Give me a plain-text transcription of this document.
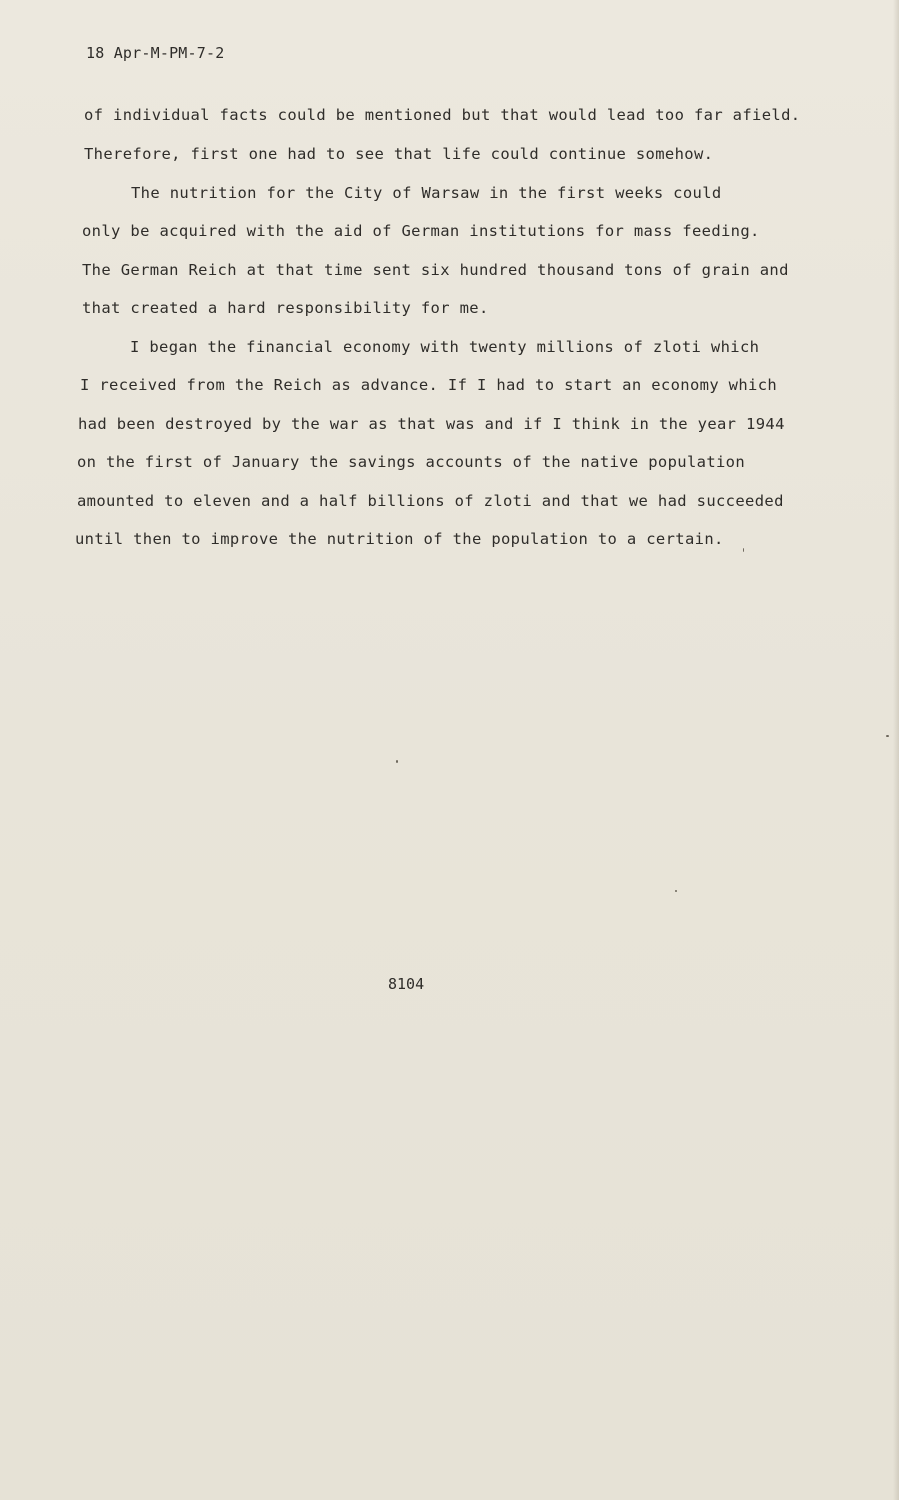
18 Apr-M-PM-7-2
of individual facts could be mentioned but that would lead too far afield.
Therefore, first one had to see that life could continue somehow.
The nutrition for the City of Warsaw in the first weeks could
only be acquired with the aid of German institutions for mass feeding.
The German Reich at that time sent six hundred thousand tons of grain and
that created a hard responsibility for me.
I began the financial economy with twenty millions of zloti which
I received from the Reich as advance. If I had to start an economy which
had been destroyed by the war as that was and if I think in the year 1944
on the first of January the savings accounts of the native population
amounted to eleven and a half billions of zloti and that we had succeeded
until then to improve the nutrition of the population to a certain.
8104
